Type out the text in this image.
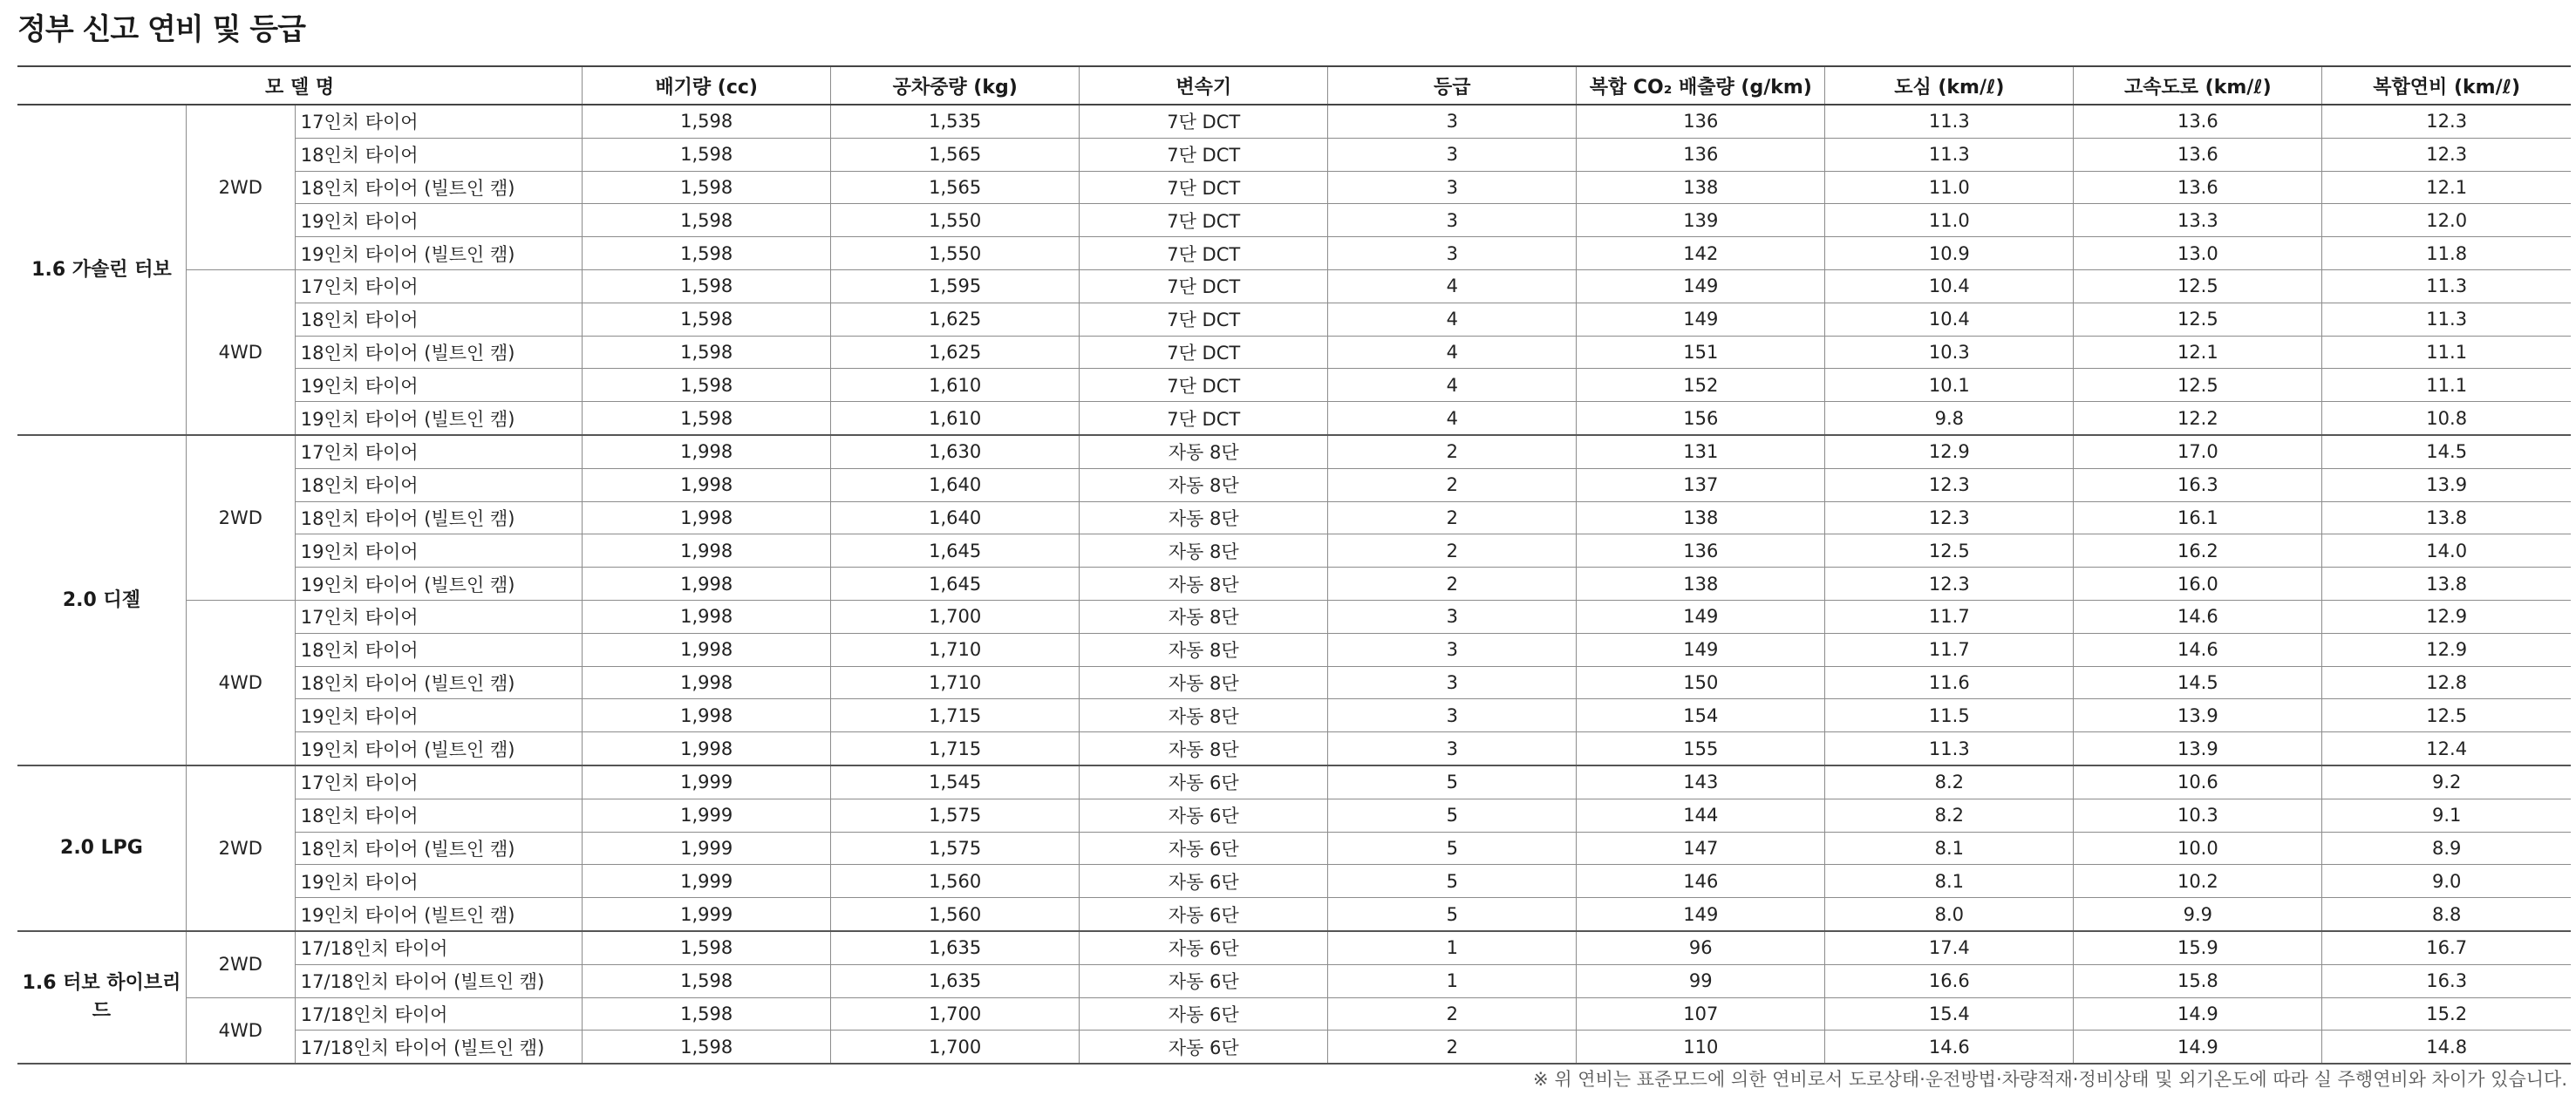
정부 신고 연비 및 등급
모 델 명			배기량 (cc)	공차중량 (kg)	변속기	등급	복합 CO₂ 배출량 (g/km)	도심 (km/ℓ)	고속도로 (km/ℓ)	복합연비 (km/ℓ)
1.6 가솔린 터보	2WD	17인치 타이어	1,598	1,535	7단 DCT	3	136	11.3	13.6	12.3
		18인치 타이어	1,598	1,565	7단 DCT	3	136	11.3	13.6	12.3
		18인치 타이어 (빌트인 캠)	1,598	1,565	7단 DCT	3	138	11.0	13.6	12.1
		19인치 타이어	1,598	1,550	7단 DCT	3	139	11.0	13.3	12.0
		19인치 타이어 (빌트인 캠)	1,598	1,550	7단 DCT	3	142	10.9	13.0	11.8
	4WD	17인치 타이어	1,598	1,595	7단 DCT	4	149	10.4	12.5	11.3
		18인치 타이어	1,598	1,625	7단 DCT	4	149	10.4	12.5	11.3
		18인치 타이어 (빌트인 캠)	1,598	1,625	7단 DCT	4	151	10.3	12.1	11.1
		19인치 타이어	1,598	1,610	7단 DCT	4	152	10.1	12.5	11.1
		19인치 타이어 (빌트인 캠)	1,598	1,610	7단 DCT	4	156	9.8	12.2	10.8
2.0 디젤	2WD	17인치 타이어	1,998	1,630	자동 8단	2	131	12.9	17.0	14.5
		18인치 타이어	1,998	1,640	자동 8단	2	137	12.3	16.3	13.9
		18인치 타이어 (빌트인 캠)	1,998	1,640	자동 8단	2	138	12.3	16.1	13.8
		19인치 타이어	1,998	1,645	자동 8단	2	136	12.5	16.2	14.0
		19인치 타이어 (빌트인 캠)	1,998	1,645	자동 8단	2	138	12.3	16.0	13.8
	4WD	17인치 타이어	1,998	1,700	자동 8단	3	149	11.7	14.6	12.9
		18인치 타이어	1,998	1,710	자동 8단	3	149	11.7	14.6	12.9
		18인치 타이어 (빌트인 캠)	1,998	1,710	자동 8단	3	150	11.6	14.5	12.8
		19인치 타이어	1,998	1,715	자동 8단	3	154	11.5	13.9	12.5
		19인치 타이어 (빌트인 캠)	1,998	1,715	자동 8단	3	155	11.3	13.9	12.4
2.0 LPG	2WD	17인치 타이어	1,999	1,545	자동 6단	5	143	8.2	10.6	9.2
		18인치 타이어	1,999	1,575	자동 6단	5	144	8.2	10.3	9.1
		18인치 타이어 (빌트인 캠)	1,999	1,575	자동 6단	5	147	8.1	10.0	8.9
		19인치 타이어	1,999	1,560	자동 6단	5	146	8.1	10.2	9.0
		19인치 타이어 (빌트인 캠)	1,999	1,560	자동 6단	5	149	8.0	9.9	8.8
1.6 터보 하이브리드	2WD	17/18인치 타이어	1,598	1,635	자동 6단	1	96	17.4	15.9	16.7
		17/18인치 타이어 (빌트인 캠)	1,598	1,635	자동 6단	1	99	16.6	15.8	16.3
	4WD	17/18인치 타이어	1,598	1,700	자동 6단	2	107	15.4	14.9	15.2
		17/18인치 타이어 (빌트인 캠)	1,598	1,700	자동 6단	2	110	14.6	14.9	14.8
※ 위 연비는 표준모드에 의한 연비로서 도로상태·운전방법·차량적재·정비상태 및 외기온도에 따라 실 주행연비와 차이가 있습니다.
